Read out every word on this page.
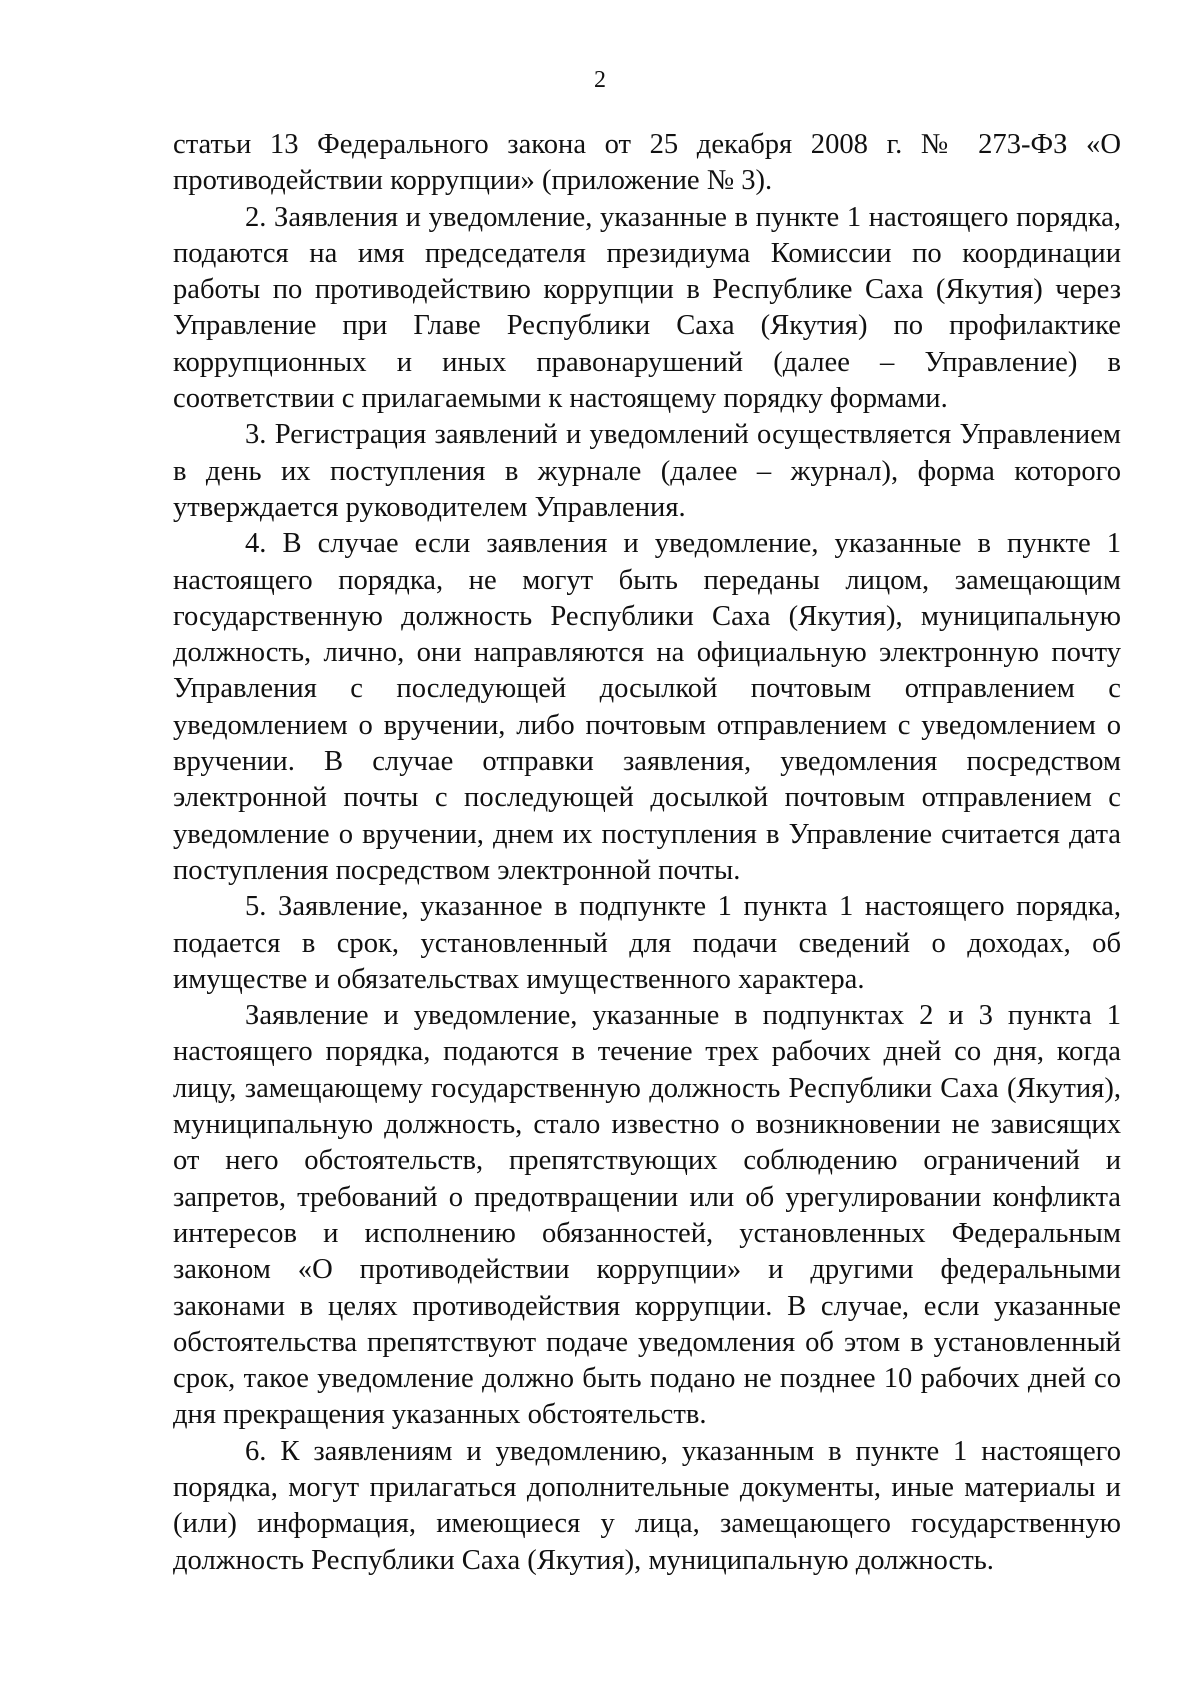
2

статьи 13 Федерального закона от 25 декабря 2008 г. № 273-ФЗ «О противодействии коррупции» (приложение № 3).

2. Заявления и уведомление, указанные в пункте 1 настоящего порядка, подаются на имя председателя президиума Комиссии по координации работы по противодействию коррупции в Республике Саха (Якутия) через Управление при Главе Республики Саха (Якутия) по профилактике коррупционных и иных правонарушений (далее – Управление) в соответствии с прилагаемыми к настоящему порядку формами.

3. Регистрация заявлений и уведомлений осуществляется Управлением в день их поступления в журнале (далее – журнал), форма которого утверждается руководителем Управления.

4. В случае если заявления и уведомление, указанные в пункте 1 настоящего порядка, не могут быть переданы лицом, замещающим государственную должность Республики Саха (Якутия), муниципальную должность, лично, они направляются на официальную электронную почту Управления с последующей досылкой почтовым отправлением с уведомлением о вручении, либо почтовым отправлением с уведомлением о вручении. В случае отправки заявления, уведомления посредством электронной почты с последующей досылкой почтовым отправлением с уведомление о вручении, днем их поступления в Управление считается дата поступления посредством электронной почты.

5. Заявление, указанное в подпункте 1 пункта 1 настоящего порядка, подается в срок, установленный для подачи сведений о доходах, об имуществе и обязательствах имущественного характера.

Заявление и уведомление, указанные в подпунктах 2 и 3 пункта 1 настоящего порядка, подаются в течение трех рабочих дней со дня, когда лицу, замещающему государственную должность Республики Саха (Якутия), муниципальную должность, стало известно о возникновении не зависящих от него обстоятельств, препятствующих соблюдению ограничений и запретов, требований о предотвращении или об урегулировании конфликта интересов и исполнению обязанностей, установленных Федеральным законом «О противодействии коррупции» и другими федеральными законами в целях противодействия коррупции. В случае, если указанные обстоятельства препятствуют подаче уведомления об этом в установленный срок, такое уведомление должно быть подано не позднее 10 рабочих дней со дня прекращения указанных обстоятельств.

6. К заявлениям и уведомлению, указанным в пункте 1 настоящего порядка, могут прилагаться дополнительные документы, иные материалы и (или) информация, имеющиеся у лица, замещающего государственную должность Республики Саха (Якутия), муниципальную должность.
